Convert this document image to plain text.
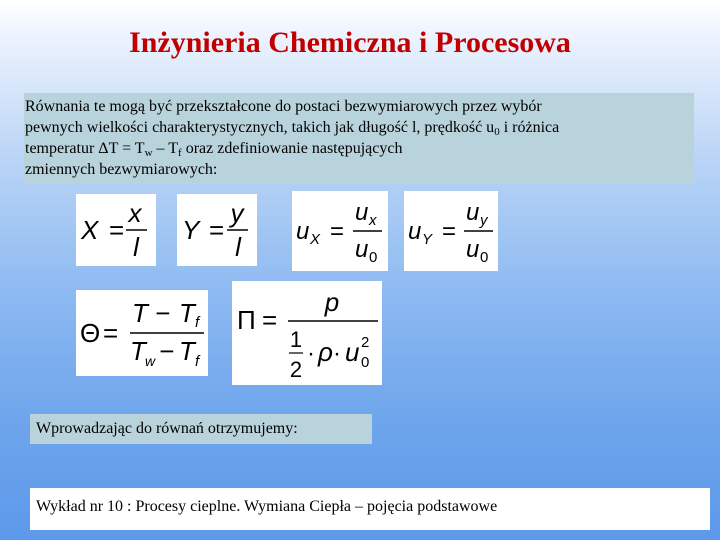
Inżynieria Chemiczna i Procesowa
Równania te mogą być przekształcone do postaci bezwymiarowych przez wybór
pewnych wielkości charakterystycznych, takich jak długość l, prędkość $u_0$ i różnica
temperatur $\Delta T = T_w - T_f$ oraz zdefiniowanie następujących
zmiennych bezwymiarowych:
X =
x
l
Y =
y
l
u X =
u x
u 0
u Y =
u y
u 0
Θ =
T − T f
T w
−
T f
Π =
p
1
2
· ρ · u 2
0
Wprowadzając do równań otrzymujemy:
Wykład nr 10 : Procesy cieplne. Wymiana Ciepła – pojęcia podstawowe
